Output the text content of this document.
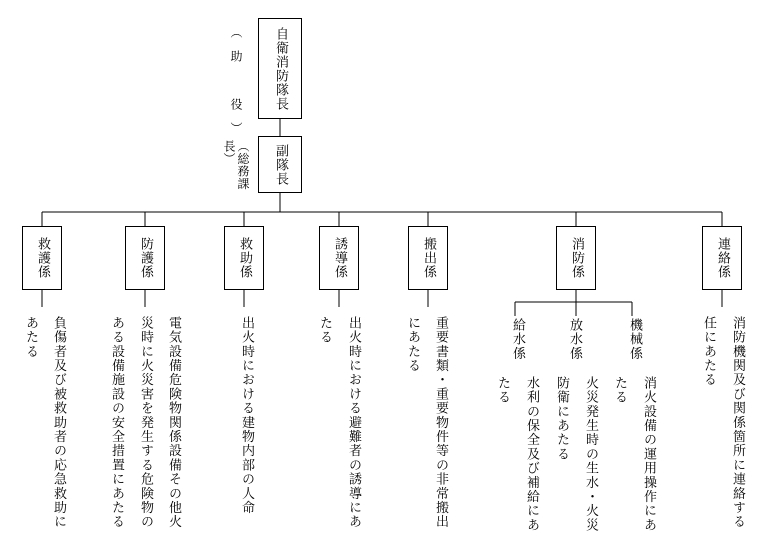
自衛消防隊長
（助　役）
副隊長
（総務課長）
救護係	防護係	救助係	誘導係	搬出係	消防係	連絡係
負傷者及び被救助者の応急救助に
あたる	電気設備危険物関係設備その他火
災時に火災害を発生する危険物の
ある設備施設の安全措置にあたる	出火時における建物内部の人命	出火時における避難者の誘導にあ
たる	重要書類・重要物件等の非常搬出
にあたる	消防機関及び関係箇所に連絡する
任にあたる
機械係
放水係
給水係
消火設備の運用操作にあ
たる
火災発生時の生水・火災
防衛にあたる
水利の保全及び補給にあ
たる
